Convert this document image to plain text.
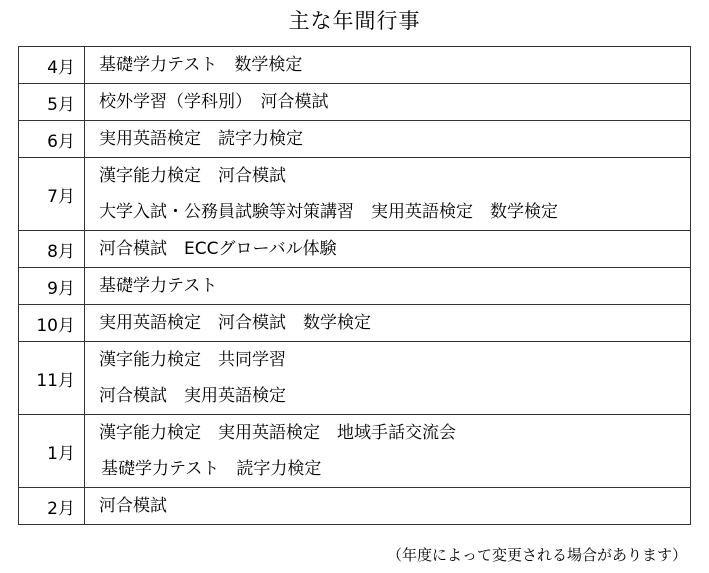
主な年間行事
4月	基礎学力テスト　数学検定

5月	校外学習（学科別）　河合模試

6月	実用英語検定　読字力検定

7月	漢字能力検定　河合模試
大学入試・公務員試験等対策講習　実用英語検定　数学検定

8月	河合模試　ECCグローバル体験

9月	基礎学力テスト

10月	実用英語検定　河合模試　数学検定

11月	漢字能力検定　共同学習
河合模試　実用英語検定

1月	漢字能力検定　実用英語検定　地域手話交流会
基礎学力テスト　読字力検定

2月	河合模試
（年度によって変更される場合があります）
